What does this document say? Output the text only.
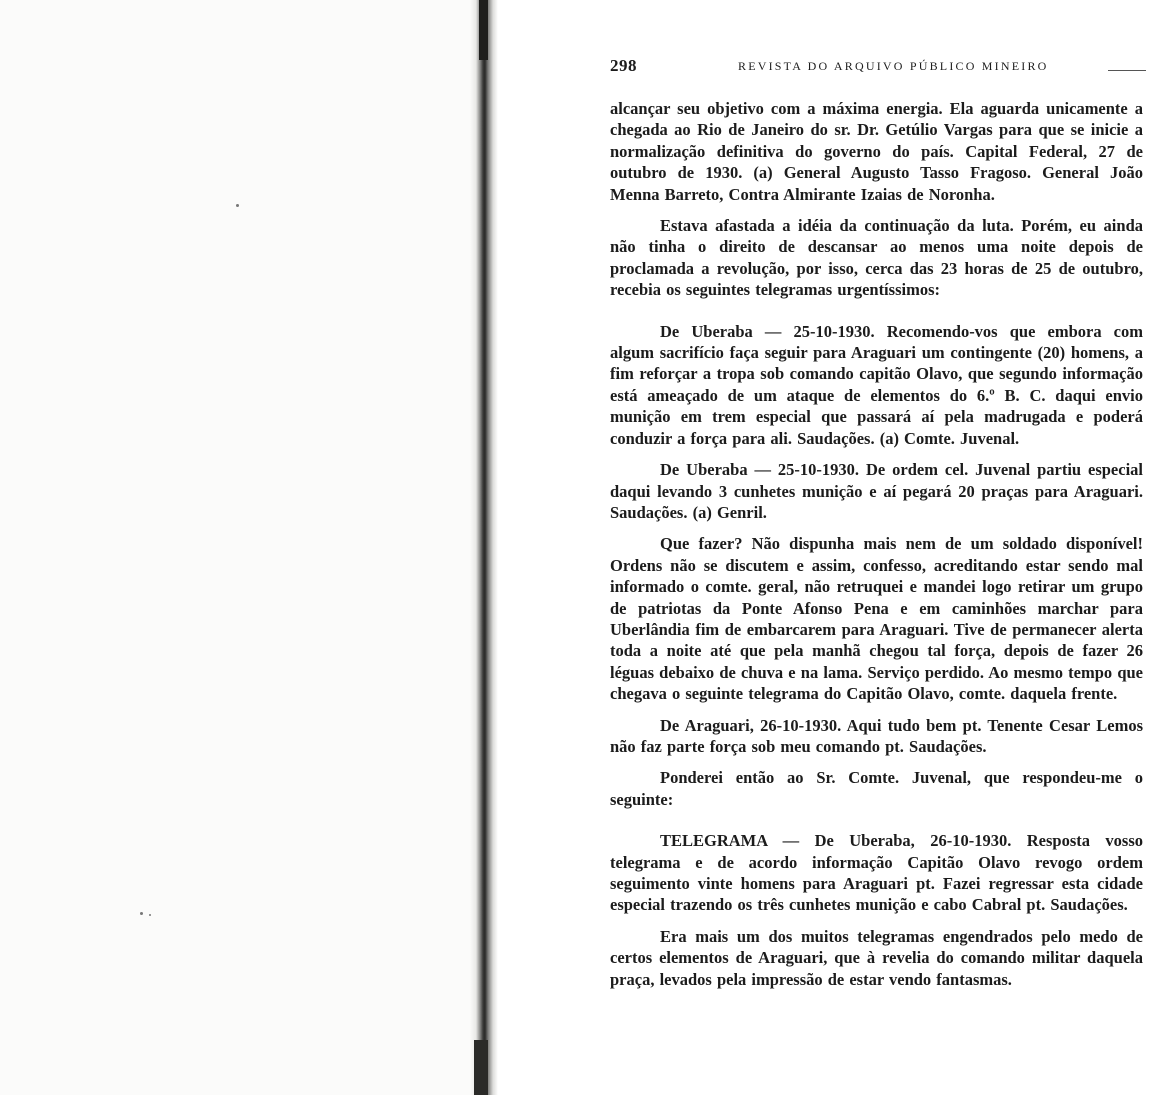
298	REVISTA DO ARQUIVO PÚBLICO MINEIRO

alcançar seu objetivo com a máxima energia. Ela aguarda unicamente a chegada ao Rio de Janeiro do sr. Dr. Getúlio Vargas para que se inicie a normalização definitiva do governo do país. Capital Federal, 27 de outubro de 1930. (a) General Augusto Tasso Fragoso. General João Menna Barreto, Contra Almirante Izaias de Noronha.

Estava afastada a idéia da continuação da luta. Porém, eu ainda não tinha o direito de descansar ao menos uma noite depois de proclamada a revolução, por isso, cerca das 23 horas de 25 de outubro, recebia os seguintes telegramas urgentíssimos:

De Uberaba — 25-10-1930. Recomendo-vos que embora com algum sacrifício faça seguir para Araguari um contingente (20) homens, a fim reforçar a tropa sob comando capitão Olavo, que segundo informação está ameaçado de um ataque de elementos do 6.º B. C. daqui envio munição em trem especial que passará aí pela madrugada e poderá conduzir a força para ali. Saudações. (a) Comte. Juvenal.

De Uberaba — 25-10-1930. De ordem cel. Juvenal partiu especial daqui levando 3 cunhetes munição e aí pegará 20 praças para Araguari. Saudações. (a) Genril.

Que fazer? Não dispunha mais nem de um soldado disponível! Ordens não se discutem e assim, confesso, acreditando estar sendo mal informado o comte. geral, não retruquei e mandei logo retirar um grupo de patriotas da Ponte Afonso Pena e em caminhões marchar para Uberlândia fim de embarcarem para Araguari. Tive de permanecer alerta toda a noite até que pela manhã chegou tal força, depois de fazer 26 léguas debaixo de chuva e na lama. Serviço perdido. Ao mesmo tempo que chegava o seguinte telegrama do Capitão Olavo, comte. daquela frente.

De Araguari, 26-10-1930. Aqui tudo bem pt. Tenente Cesar Lemos não faz parte força sob meu comando pt. Saudações.

Ponderei então ao Sr. Comte. Juvenal, que respondeu-me o seguinte:

TELEGRAMA — De Uberaba, 26-10-1930. Resposta vosso telegrama e de acordo informação Capitão Olavo revogo ordem seguimento vinte homens para Araguari pt. Fazei regressar esta cidade especial trazendo os três cunhetes munição e cabo Cabral pt. Saudações.

Era mais um dos muitos telegramas engendrados pelo medo de certos elementos de Araguari, que à revelia do comando militar daquela praça, levados pela impressão de estar vendo fantasmas.
